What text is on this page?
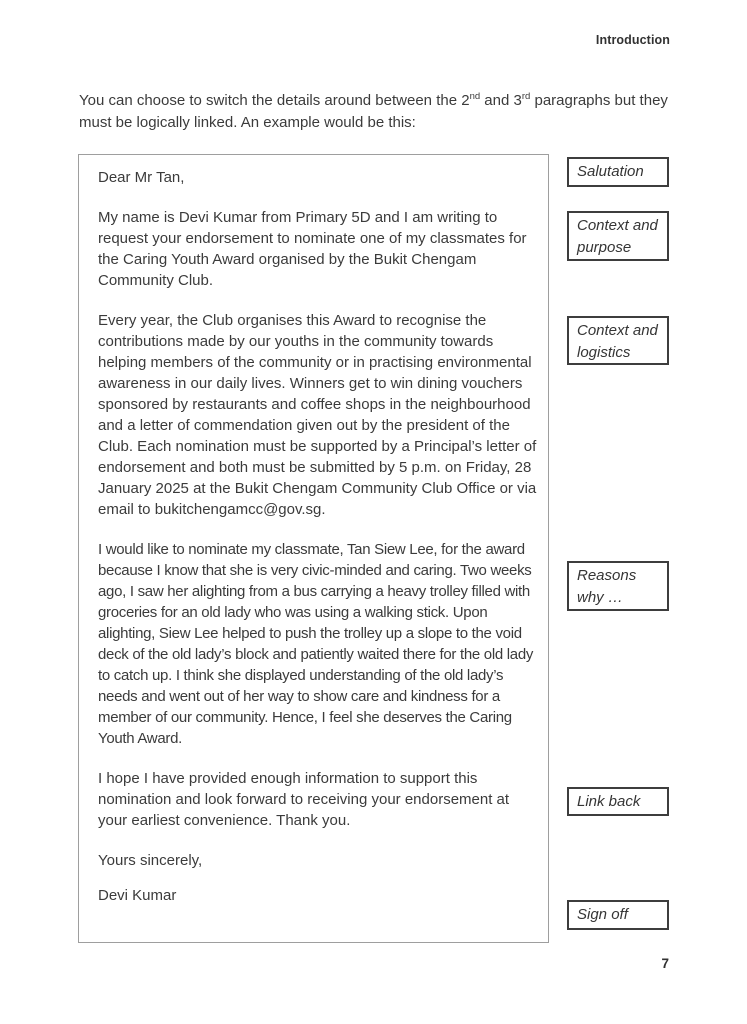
Introduction

You can choose to switch the details around between the 2nd and 3rd paragraphs but they must be logically linked. An example would be this:

Dear Mr Tan,

My name is Devi Kumar from Primary 5D and I am writing to request your endorsement to nominate one of my classmates for the Caring Youth Award organised by the Bukit Chengam Community Club.

Every year, the Club organises this Award to recognise the contributions made by our youths in the community towards helping members of the community or in practising environmental awareness in our daily lives. Winners get to win dining vouchers sponsored by restaurants and coffee shops in the neighbourhood and a letter of commendation given out by the president of the Club. Each nomination must be supported by a Principal’s letter of endorsement and both must be submitted by 5 p.m. on Friday, 28 January 2025 at the Bukit Chengam Community Club Office or via email to bukitchengamcc@gov.sg.

I would like to nominate my classmate, Tan Siew Lee, for the award because I know that she is very civic-minded and caring. Two weeks ago, I saw her alighting from a bus carrying a heavy trolley filled with groceries for an old lady who was using a walking stick. Upon alighting, Siew Lee helped to push the trolley up a slope to the void deck of the old lady’s block and patiently waited there for the old lady to catch up. I think she displayed understanding of the old lady’s needs and went out of her way to show care and kindness for a member of our community. Hence, I feel she deserves the Caring Youth Award.

I hope I have provided enough information to support this nomination and look forward to receiving your endorsement at your earliest convenience. Thank you.

Yours sincerely,

Devi Kumar

Salutation
Context and purpose
Context and logistics
Reasons why …
Link back
Sign off
7
